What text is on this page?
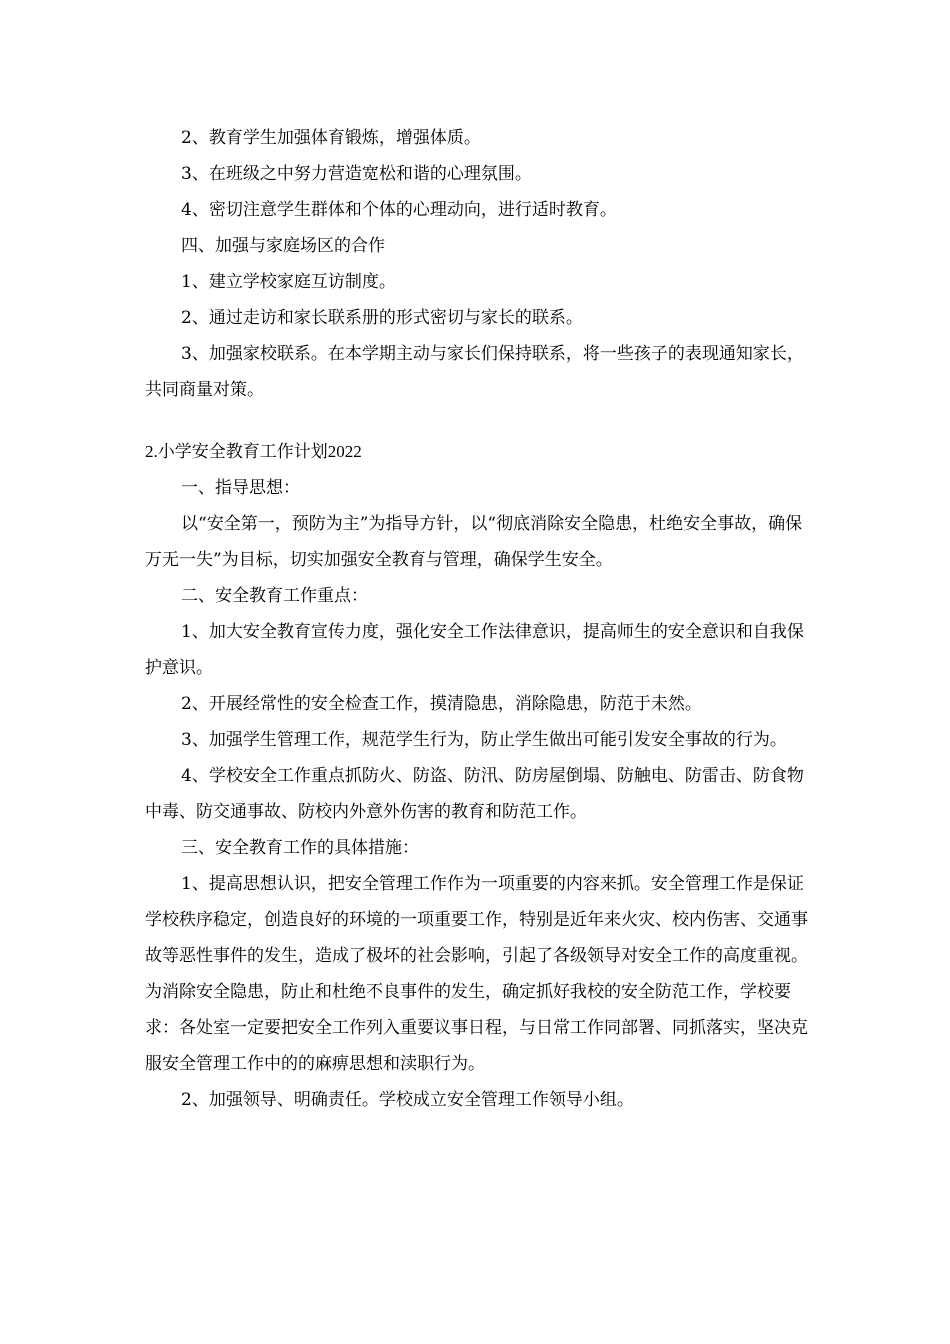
2、教育学生加强体育锻炼，增强体质。

3、在班级之中努力营造宽松和谐的心理氛围。

4、密切注意学生群体和个体的心理动向，进行适时教育。

四、加强与家庭场区的合作

1、建立学校家庭互访制度。

2、通过走访和家长联系册的形式密切与家长的联系。

3、加强家校联系。在本学期主动与家长们保持联系，将一些孩子的表现通知家长，共同商量对策。

2.小学安全教育工作计划2022

一、指导思想：

以“安全第一，预防为主”为指导方针，以“彻底消除安全隐患，杜绝安全事故，确保万无一失”为目标，切实加强安全教育与管理，确保学生安全。

二、安全教育工作重点：

1、加大安全教育宣传力度，强化安全工作法律意识，提高师生的安全意识和自我保护意识。

2、开展经常性的安全检查工作，摸清隐患，消除隐患，防范于未然。

3、加强学生管理工作，规范学生行为，防止学生做出可能引发安全事故的行为。

4、学校安全工作重点抓防火、防盗、防汛、防房屋倒塌、防触电、防雷击、防食物中毒、防交通事故、防校内外意外伤害的教育和防范工作。

三、安全教育工作的具体措施：

1、提高思想认识，把安全管理工作作为一项重要的内容来抓。安全管理工作是保证学校秩序稳定，创造良好的环境的一项重要工作，特别是近年来火灾、校内伤害、交通事故等恶性事件的发生，造成了极坏的社会影响，引起了各级领导对安全工作的高度重视。为消除安全隐患，防止和杜绝不良事件的发生，确定抓好我校的安全防范工作，学校要求：各处室一定要把安全工作列入重要议事日程，与日常工作同部署、同抓落实，坚决克服安全管理工作中的的麻痹思想和渎职行为。

2、加强领导、明确责任。学校成立安全管理工作领导小组。
